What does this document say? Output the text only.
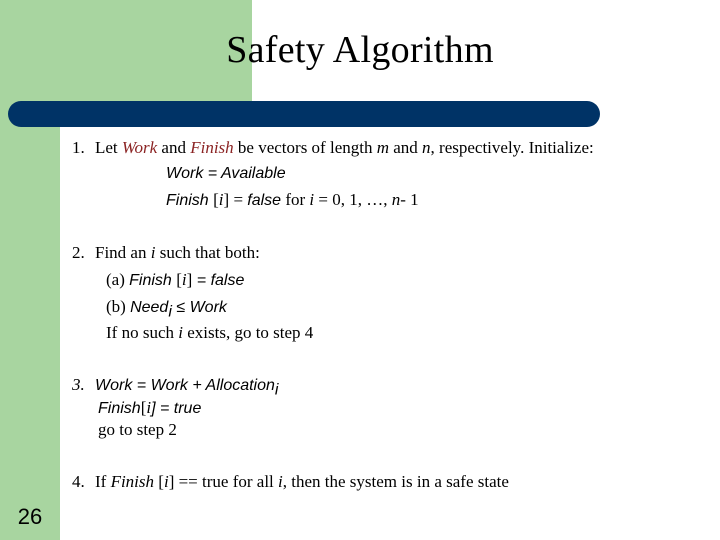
Safety Algorithm
1. Let Work and Finish be vectors of length m and n, respectively. Initialize:
Work = Available
Finish [i] = false for i = 0, 1, …, n- 1
2. Find an i such that both:
(a) Finish [i] = false
(b) Need$_i$ ≤ Work
If no such i exists, go to step 4
3. Work = Work + Allocation$_i$
Finish[i] = true
go to step 2
4. If Finish [i] == true for all i, then the system is in a safe state
26
